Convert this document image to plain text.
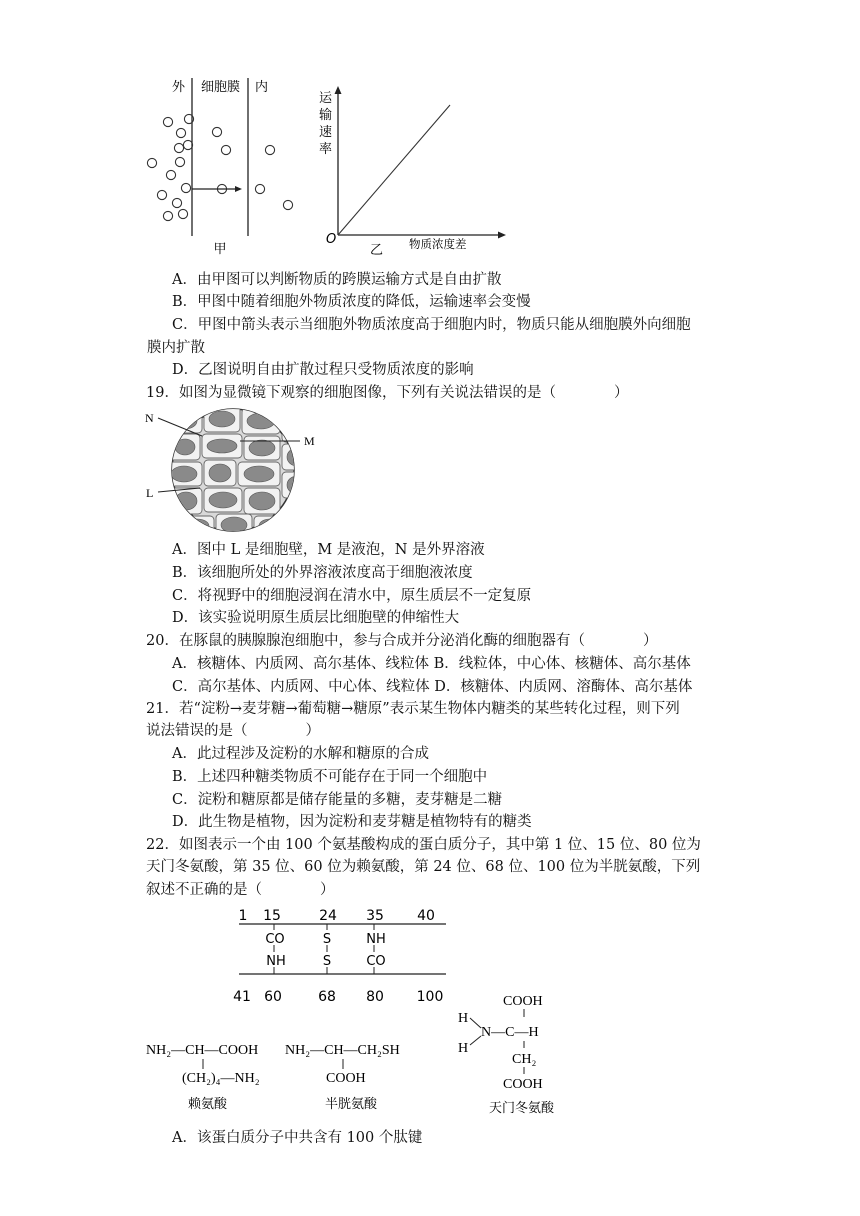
外 细胞膜 内
甲
运
输
速
率
O
乙 物质浓度差
A．由甲图可以判断物质的跨膜运输方式是自由扩散
B．甲图中随着细胞外物质浓度的降低，运输速率会变慢
C．甲图中箭头表示当细胞外物质浓度高于细胞内时，物质只能从细胞膜外向细胞
膜内扩散
D．乙图说明自由扩散过程只受物质浓度的影响
19．如图为显微镜下观察的细胞图像，下列有关说法错误的是（　　　　）
N
M
L
A．图中 L 是细胞壁，M 是液泡，N 是外界溶液
B．该细胞所处的外界溶液浓度高于细胞液浓度
C．将视野中的细胞浸润在清水中，原生质层不一定复原
D．该实验说明原生质层比细胞壁的伸缩性大
20．在豚鼠的胰腺腺泡细胞中，参与合成并分泌消化酶的细胞器有（　　　　）
A．核糖体、内质网、高尔基体、线粒体 B．线粒体，中心体、核糖体、高尔基体
C．高尔基体、内质网、中心体、线粒体 D．核糖体、内质网、溶酶体、高尔基体
21．若“淀粉→麦芽糖→葡萄糖→糖原”表示某生物体内糖类的某些转化过程，则下列
说法错误的是（　　　　）
A．此过程涉及淀粉的水解和糖原的合成
B．上述四种糖类物质不可能存在于同一个细胞中
C．淀粉和糖原都是储存能量的多糖，麦芽糖是二糖
D．此生物是植物，因为淀粉和麦芽糖是植物特有的糖类
22．如图表示一个由 100 个氨基酸构成的蛋白质分子，其中第 1 位、15 位、80 位为
天门冬氨酸，第 35 位、60 位为赖氨酸，第 24 位、68 位、100 位为半胱氨酸，下列
叙述不正确的是（　　　　）
1 15	24 35 40
CO
NH
S
S
NH
CO
41 60	68 80 100
NH₂—CH—COOH
(CH₂)₄—NH₂
赖氨酸
NH₂—CH—CH₂SH
COOH
半胱氨酸
COOH
H
H
N—C—H
CH₂
COOH
天门冬氨酸
A．该蛋白质分子中共含有 100 个肽键
